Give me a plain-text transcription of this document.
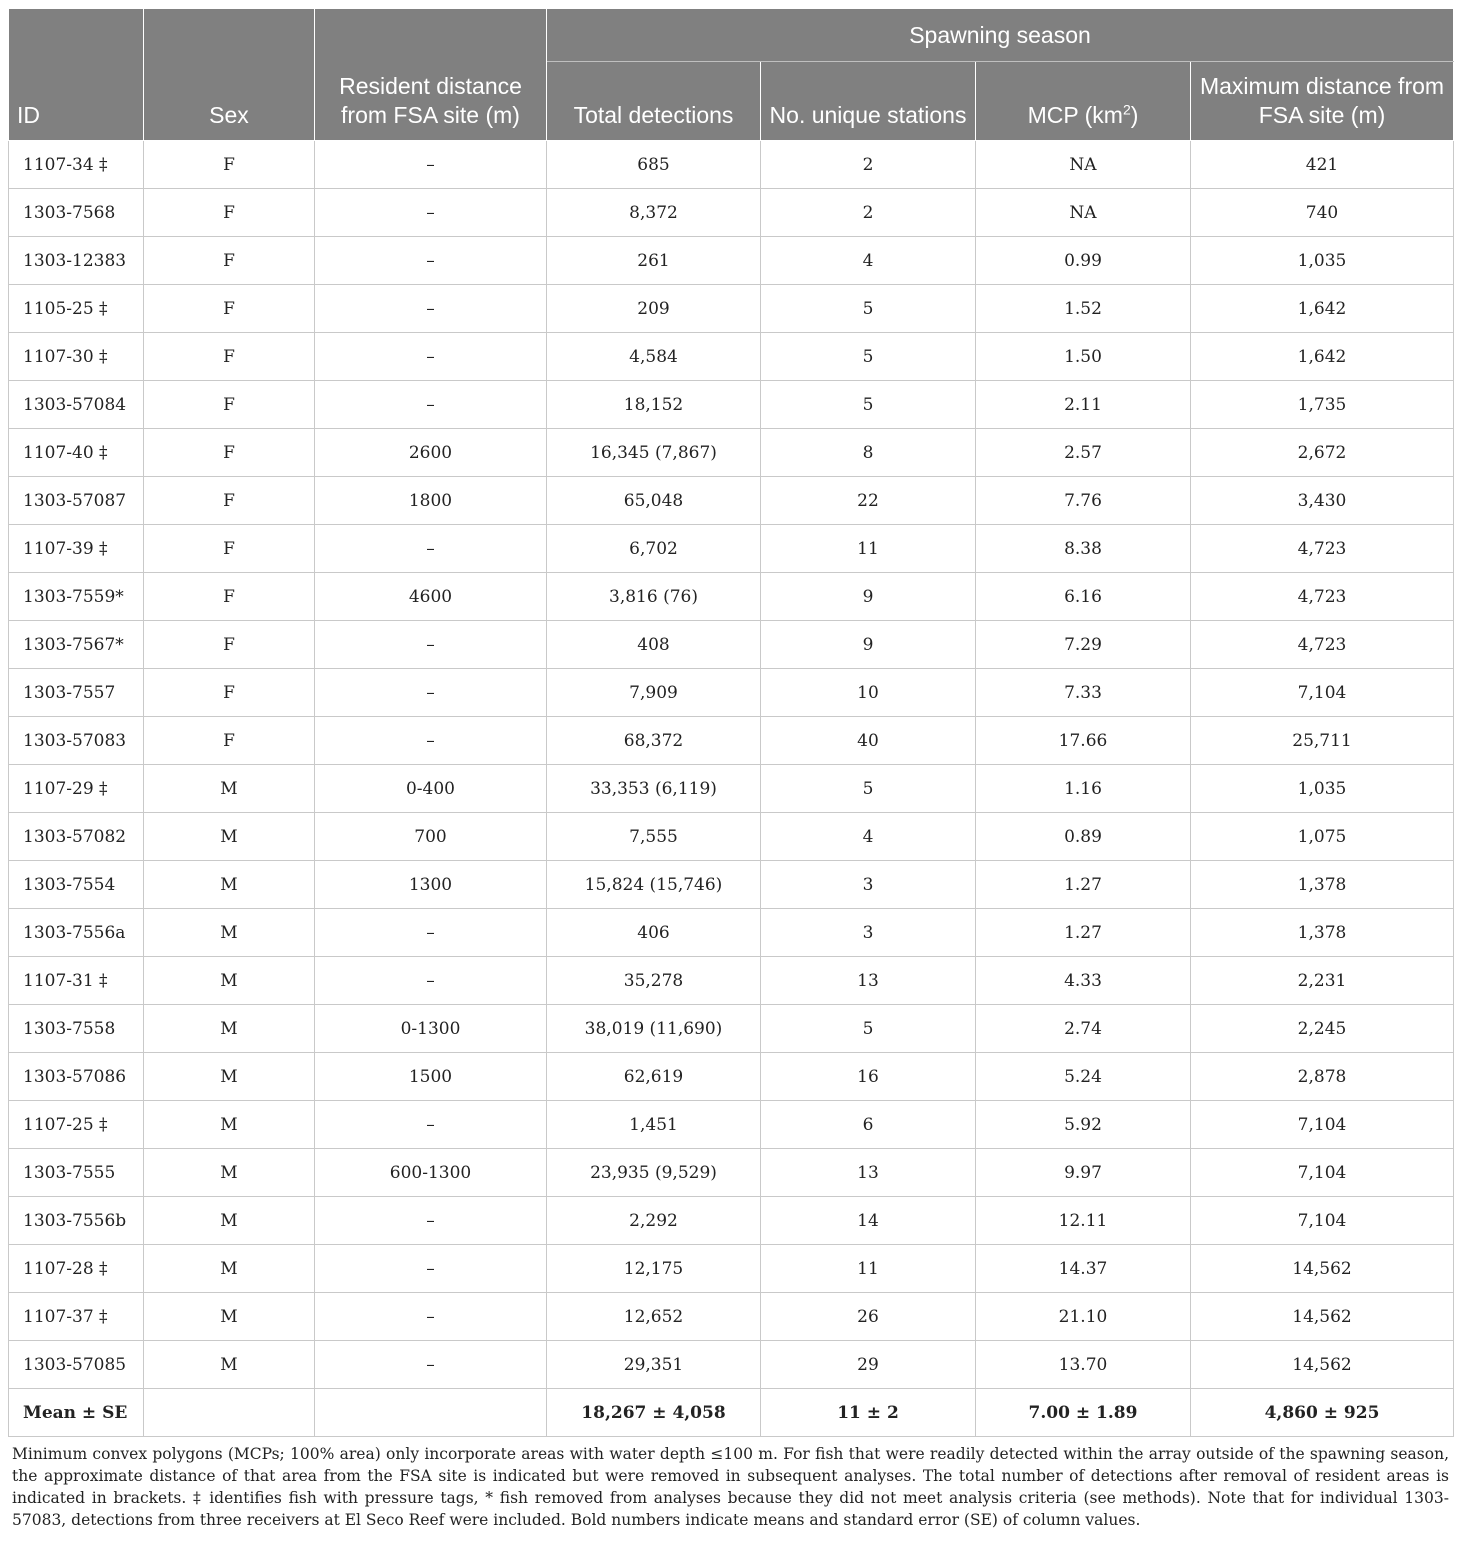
ID	Sex	Resident distance from FSA site (m)	Spawning season			
			Total detections	No. unique stations	MCP $(km^2)$	Maximum distance from FSA site (m)
1107-34 ‡	F	–	685	2	NA	421
1303-7568	F	–	8,372	2	NA	740
1303-12383	F	–	261	4	0.99	1,035
1105-25 ‡	F	–	209	5	1.52	1,642
1107-30 ‡	F	–	4,584	5	1.50	1,642
1303-57084	F	–	18,152	5	2.11	1,735
1107-40 ‡	F	2600	16,345 (7,867)	8	2.57	2,672
1303-57087	F	1800	65,048	22	7.76	3,430
1107-39 ‡	F	–	6,702	11	8.38	4,723
1303-7559*	F	4600	3,816 (76)	9	6.16	4,723
1303-7567*	F	–	408	9	7.29	4,723
1303-7557	F	–	7,909	10	7.33	7,104
1303-57083	F	–	68,372	40	17.66	25,711
1107-29 ‡	M	0-400	33,353 (6,119)	5	1.16	1,035
1303-57082	M	700	7,555	4	0.89	1,075
1303-7554	M	1300	15,824 (15,746)	3	1.27	1,378
1303-7556a	M	–	406	3	1.27	1,378
1107-31 ‡	M	–	35,278	13	4.33	2,231
1303-7558	M	0-1300	38,019 (11,690)	5	2.74	2,245
1303-57086	M	1500	62,619	16	5.24	2,878
1107-25 ‡	M	–	1,451	6	5.92	7,104
1303-7555	M	600-1300	23,935 (9,529)	13	9.97	7,104
1303-7556b	M	–	2,292	14	12.11	7,104
1107-28 ‡	M	–	12,175	11	14.37	14,562
1107-37 ‡	M	–	12,652	26	21.10	14,562
1303-57085	M	–	29,351	29	13.70	14,562
Mean ± SE			18,267 ± 4,058	11 ± 2	7.00 ± 1.89	4,860 ± 925

Minimum convex polygons (MCPs; 100% area) only incorporate areas with water depth ≤100 m. For fish that were readily detected within the array outside of the spawning season, the approximate distance of that area from the FSA site is indicated but were removed in subsequent analyses. The total number of detections after removal of resident areas is indicated in brackets. ‡ identifies fish with pressure tags, * fish removed from analyses because they did not meet analysis criteria (see methods). Note that for individual 1303-57083, detections from three receivers at El Seco Reef were included. Bold numbers indicate means and standard error (SE) of column values.
